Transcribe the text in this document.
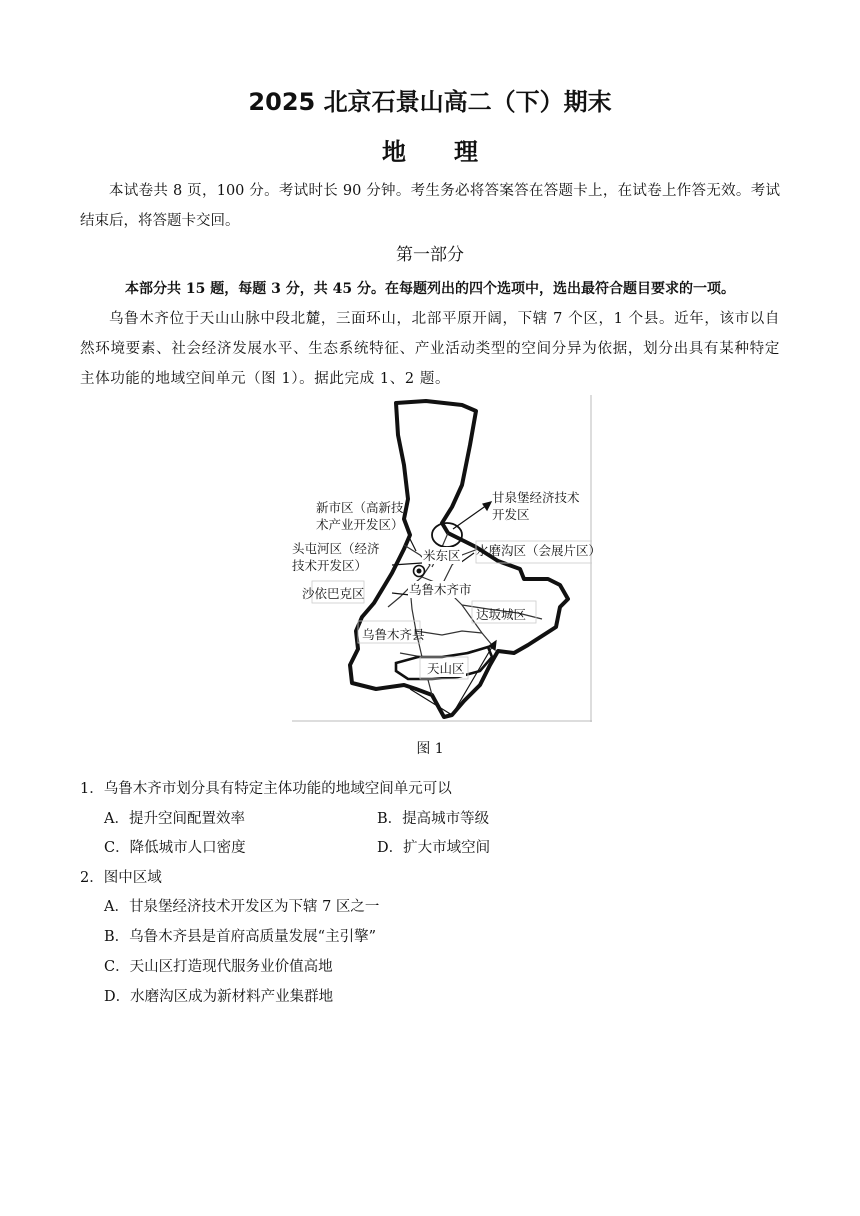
2025 北京石景山高二（下）期末
地理

本试卷共 8 页，100 分。考试时长 90 分钟。考生务必将答案答在答题卡上，在试卷上作答无效。考试结束后，将答题卡交回。

第一部分
本部分共 15 题，每题 3 分，共 45 分。在每题列出的四个选项中，选出最符合题目要求的一项。

乌鲁木齐位于天山山脉中段北麓，三面环山，北部平原开阔，下辖 7 个区，1 个县。近年，该市以自然环境要素、社会经济发展水平、生态系统特征、产业活动类型的空间分异为依据，划分出具有某种特定主体功能的地域空间单元（图 1）。据此完成 1、2 题。

新市区（高新技
术产业开发区）
甘泉堡经济技术
开发区
头屯河区（经济
技术开发区）
米东区 水磨沟区（会展片区）
沙依巴克区	乌鲁木齐市
达坂城区
乌鲁木齐县
天山区
图 1
1．乌鲁木齐市划分具有特定主体功能的地域空间单元可以
A．提升空间配置效率	B．提高城市等级
C．降低城市人口密度	D．扩大市域空间
2．图中区域
A．甘泉堡经济技术开发区为下辖 7 区之一
B．乌鲁木齐县是首府高质量发展“主引擎”
C．天山区打造现代服务业价值高地
D．水磨沟区成为新材料产业集群地
